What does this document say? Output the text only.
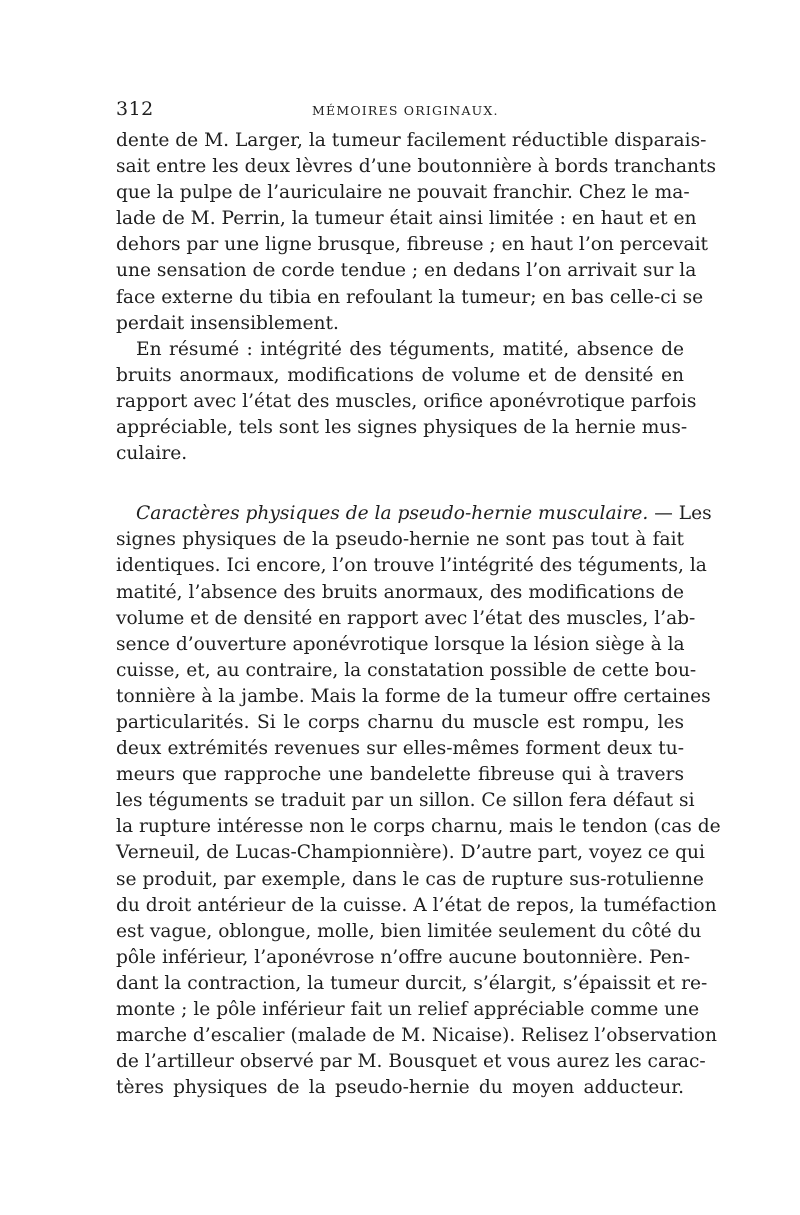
312	MÉMOIRES ORIGINAUX.
dente de M. Larger, la tumeur facilement réductible disparais-
sait entre les deux lèvres d’une boutonnière à bords tranchants
que la pulpe de l’auriculaire ne pouvait franchir. Chez le ma-
lade de M. Perrin, la tumeur était ainsi limitée : en haut et en
dehors par une ligne brusque, fibreuse ; en haut l’on percevait
une sensation de corde tendue ; en dedans l’on arrivait sur la
face externe du tibia en refoulant la tumeur; en bas celle-ci se
perdait insensiblement.
En résumé : intégrité des téguments, matité, absence de
bruits anormaux, modifications de volume et de densité en
rapport avec l’état des muscles, orifice aponévrotique parfois
appréciable, tels sont les signes physiques de la hernie mus-
culaire.
Caractères physiques de la pseudo-hernie musculaire. — Les
signes physiques de la pseudo-hernie ne sont pas tout à fait
identiques. Ici encore, l’on trouve l’intégrité des téguments, la
matité, l’absence des bruits anormaux, des modifications de
volume et de densité en rapport avec l’état des muscles, l’ab-
sence d’ouverture aponévrotique lorsque la lésion siège à la
cuisse, et, au contraire, la constatation possible de cette bou-
tonnière à la jambe. Mais la forme de la tumeur offre certaines
particularités. Si le corps charnu du muscle est rompu, les
deux extrémités revenues sur elles-mêmes forment deux tu-
meurs que rapproche une bandelette fibreuse qui à travers
les téguments se traduit par un sillon. Ce sillon fera défaut si
la rupture intéresse non le corps charnu, mais le tendon (cas de
Verneuil, de Lucas-Championnière). D’autre part, voyez ce qui
se produit, par exemple, dans le cas de rupture sus-rotulienne
du droit antérieur de la cuisse. A l’état de repos, la tuméfaction
est vague, oblongue, molle, bien limitée seulement du côté du
pôle inférieur, l’aponévrose n’offre aucune boutonnière. Pen-
dant la contraction, la tumeur durcit, s’élargit, s’épaissit et re-
monte ; le pôle inférieur fait un relief appréciable comme une
marche d’escalier (malade de M. Nicaise). Relisez l’observation
de l’artilleur observé par M. Bousquet et vous aurez les carac-
tères physiques de la pseudo-hernie du moyen adducteur.
